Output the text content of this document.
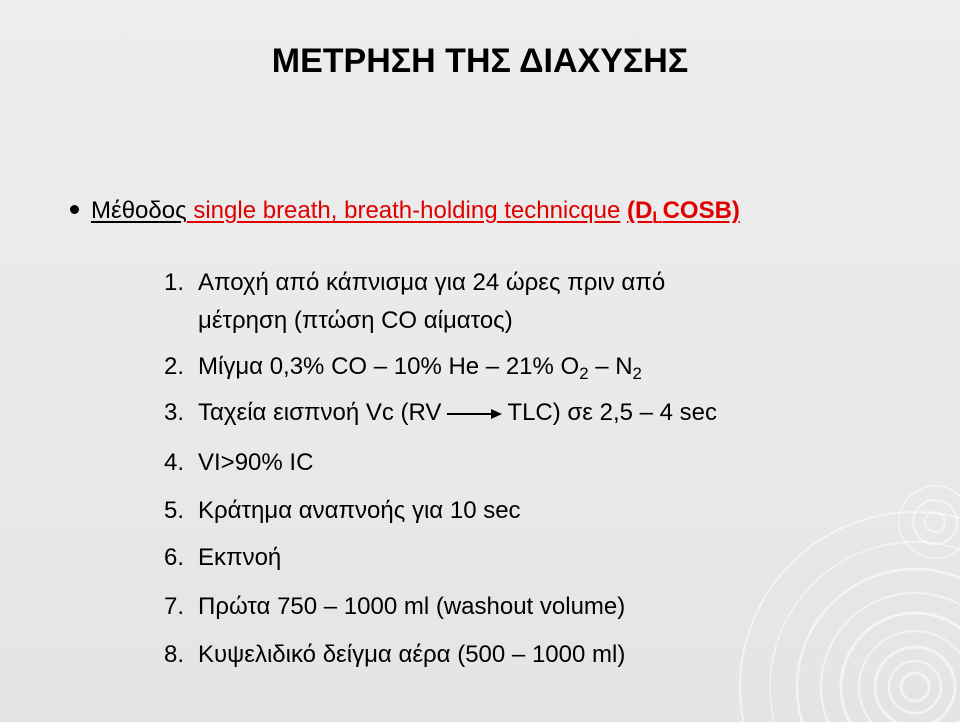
ΜΕΤΡΗΣΗ ΤΗΣ ΔΙΑΧΥΣΗΣ
Μέθοδος single breath, breath-holding technicque $(D_LCOSB)$
1. Αποχή από κάπνισμα για 24 ώρες πριν από
μέτρηση (πτώση CO αίματος)
2. Μίγμα 0,3% CO – 10% He – 21% $O_2 - N_2$
3. Ταχεία εισπνοή Vc (RV	TLC) σε 2,5 – 4 sec
4. VI>90% IC
5. Κράτημα αναπνοής για 10 sec
6. Εκπνοή
7. Πρώτα 750 – 1000 ml (washout volume)
8. Κυψελιδικό δείγμα αέρα (500 – 1000 ml)
